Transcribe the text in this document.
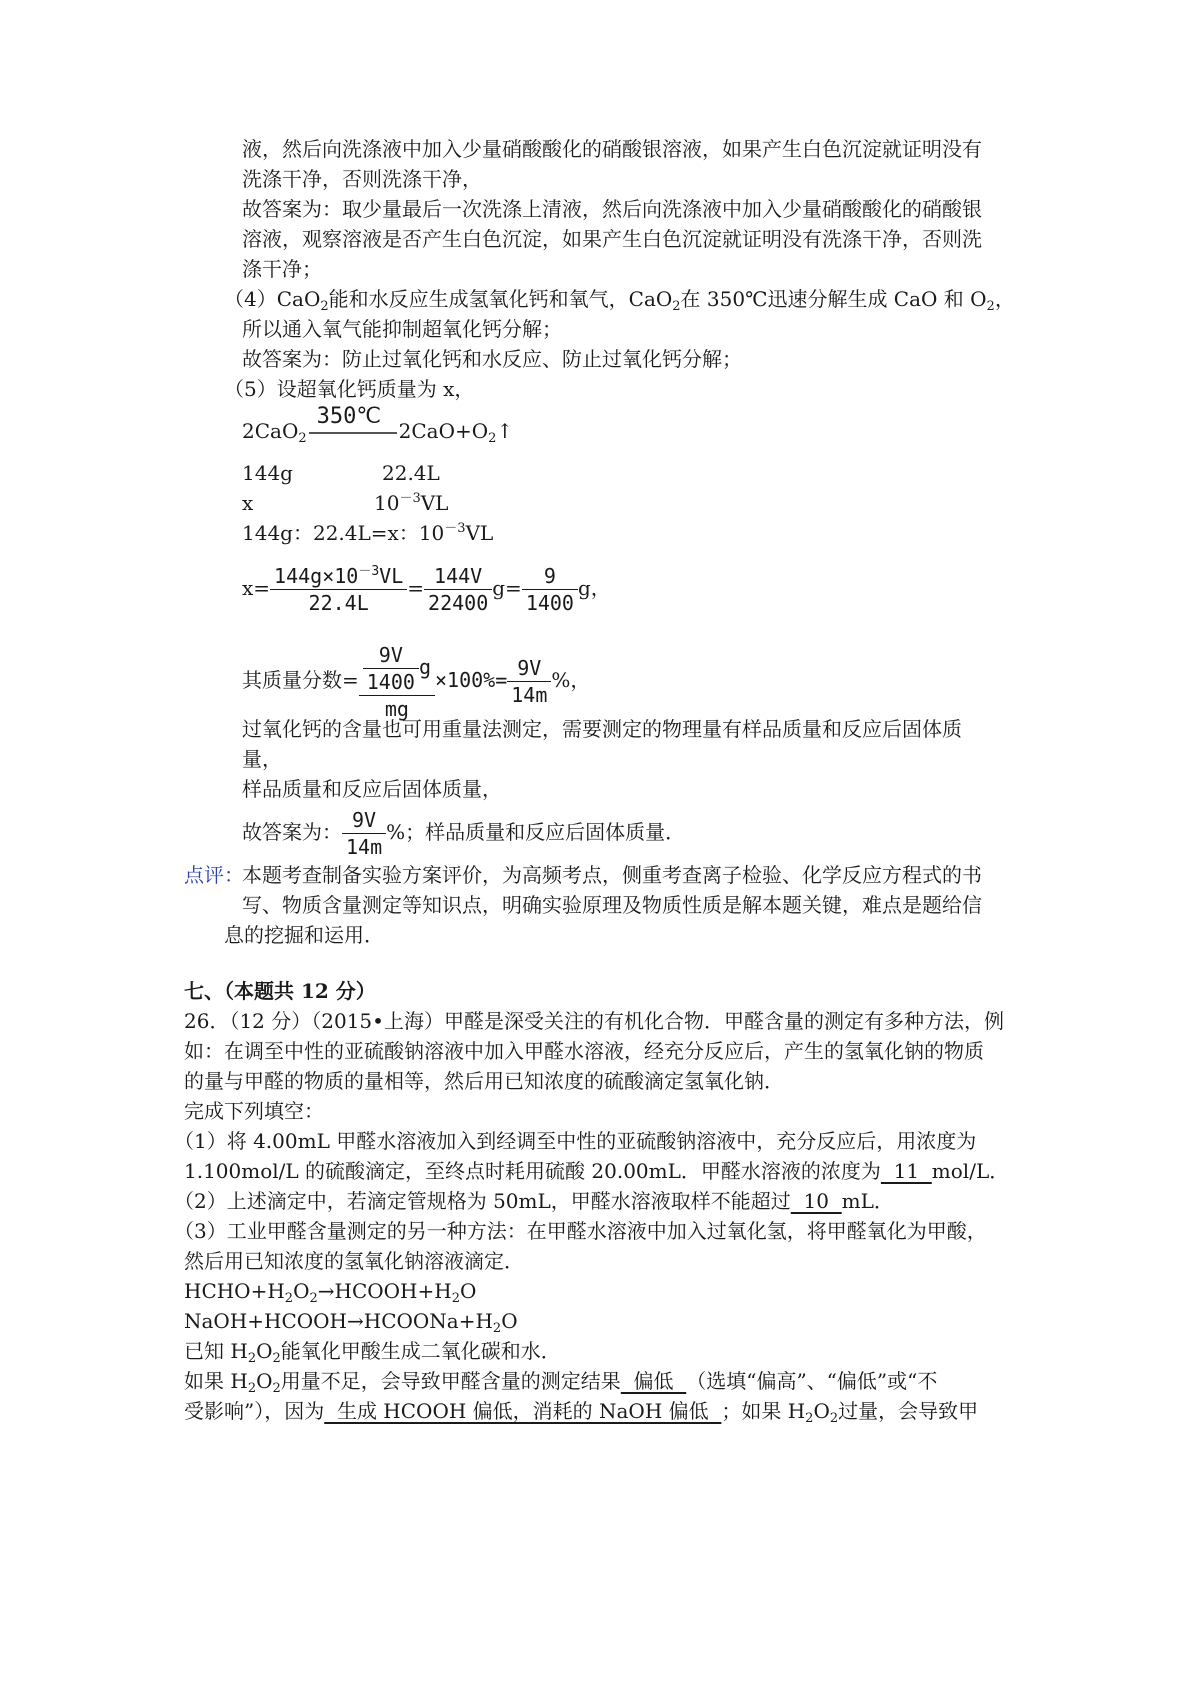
液，然后向洗涤液中加入少量硝酸酸化的硝酸银溶液，如果产生白色沉淀就证明没有
洗涤干净，否则洗涤干净，
故答案为：取少量最后一次洗涤上清液，然后向洗涤液中加入少量硝酸酸化的硝酸银
溶液，观察溶液是否产生白色沉淀，如果产生白色沉淀就证明没有洗涤干净，否则洗
涤干净；
（4）CaO$_2$能和水反应生成氢氧化钙和氧气，CaO$_2$在 350℃迅速分解生成 CaO 和 $O_2$，
所以通入氧气能抑制超氧化钙分解；
故答案为：防止过氧化钙和水反应、防止过氧化钙分解；
（5）设超氧化钙质量为 x，
2CaO$_2$
350℃
$2CaO+O_2↑$
144g	22.4L
x	$10^{-3}VL$
144g：22.4L=x：$10^{-3}VL$
$x= \frac{144g\times 10^{-3}VL}{22.4L} = \frac{144V}{22400} g= \frac{9}{1400}$ g，
其质量分数= $\frac{\frac{9V}{1400} g}{mg} \times 100\%= \frac{9V}{14m}$ %，
过氧化钙的含量也可用重量法测定，需要测定的物理量有样品质量和反应后固体质
量，
样品质量和反应后固体质量，
故答案为： $\frac{9V}{14m}$ %；样品质量和反应后固体质量．
点评：
本题考查制备实验方案评价，为高频考点，侧重考查离子检验、化学反应方程式的书
写、物质含量测定等知识点，明确实验原理及物质性质是解本题关键，难点是题给信
息的挖掘和运用．
七、（本题共 12 分）
26．（12 分）（2015•上海）甲醛是深受关注的有机化合物．甲醛含量的测定有多种方法，例
如：在调至中性的亚硫酸钠溶液中加入甲醛水溶液，经充分反应后，产生的氢氧化钠的物质
的量与甲醛的物质的量相等，然后用已知浓度的硫酸滴定氢氧化钠．
完成下列填空：
（1）将 4.00mL 甲醛水溶液加入到经调至中性的亚硫酸钠溶液中，充分反应后，用浓度为
1.100mol/L 的硫酸滴定，至终点时耗用硫酸 20.00mL．甲醛水溶液的浓度为  11  mol/L．
（2）上述滴定中，若滴定管规格为 50mL，甲醛水溶液取样不能超过  10  mL．
（3）工业甲醛含量测定的另一种方法：在甲醛水溶液中加入过氧化氢，将甲醛氧化为甲酸，
然后用已知浓度的氢氧化钠溶液滴定．
$HCHO+H_2O_2\to HCOOH+H_2O$
$NaOH+HCOOH\to HCOONa+H_2O$
已知 $H_2O_2$能氧化甲酸生成二氧化碳和水．
如果 $H_2O_2$用量不足，会导致甲醛含量的测定结果  偏低  （选填“偏高”、“偏低”或“不
受影响”），因为  生成 HCOOH 偏低，消耗的 NaOH 偏低  ；如果 $H_2O_2$过量，会导致甲
